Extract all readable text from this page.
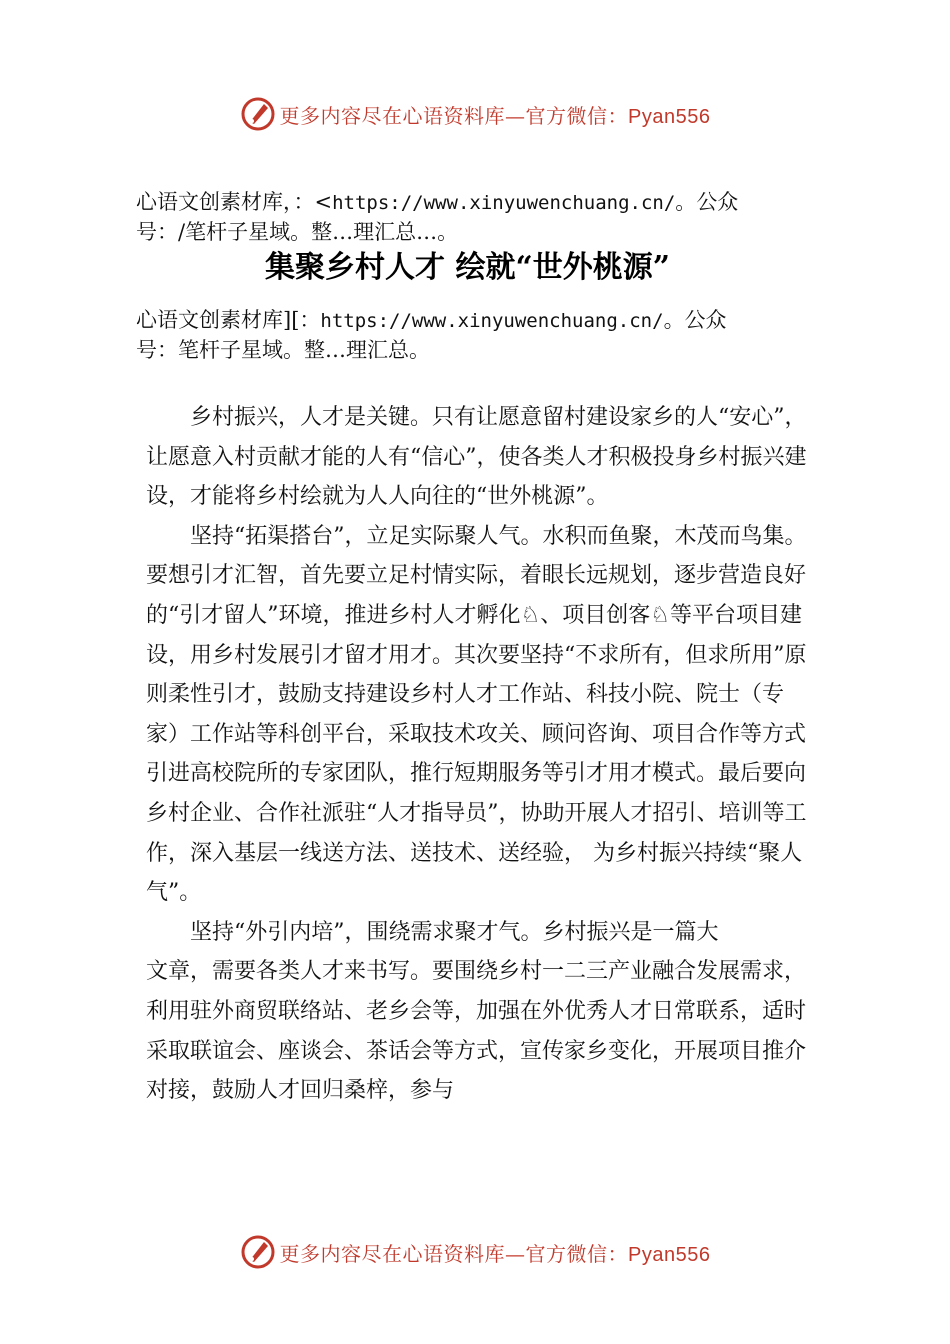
更多内容尽在心语资料库—官方微信：Pyan556
心语文创素材库，：<https://www.xinyuwenchuang.cn/。公众
号：/笔杆子星域。整…理汇总…。
集聚乡村人才 绘就“世外桃源”
心语文创素材库][：https://www.xinyuwenchuang.cn/。公众
号：笔杆子星域。整…理汇总。

乡村振兴，人才是关键。只有让愿意留村建设家乡的人“安心”，让愿意入村贡献才能的人有“信心”，使各类人才积极投身乡村振兴建设，才能将乡村绘就为人人向往的“世外桃源”。

坚持“拓渠搭台”，立足实际聚人气。水积而鱼聚，木茂而鸟集。要想引才汇智，首先要立足村情实际，着眼长远规划，逐步营造良好的“引才留人”环境，推进乡村人才孵化♘、项目创客♘等平台项目建设，用乡村发展引才留才用才。其次要坚持“不求所有，但求所用”原则柔性引才，鼓励支持建设乡村人才工作站、科技小院、院士（专家）工作站等科创平台，采取技术攻关、顾问咨询、项目合作等方式引进高校院所的专家团队，推行短期服务等引才用才模式。最后要向乡村企业、合作社派驻“人才指导员”，协助开展人才招引、培训等工作，深入基层一线送方法、送技术、送经验， 为乡村振兴持续“聚人气”。

坚持“外引内培”，围绕需求聚才气。乡村振兴是一篇大

文章，需要各类人才来书写。要围绕乡村一二三产业融合发展需求，利用驻外商贸联络站、老乡会等，加强在外优秀人才日常联系，适时采取联谊会、座谈会、茶话会等方式，宣传家乡变化，开展项目推介对接，鼓励人才回归桑梓，参与

更多内容尽在心语资料库—官方微信：Pyan556
